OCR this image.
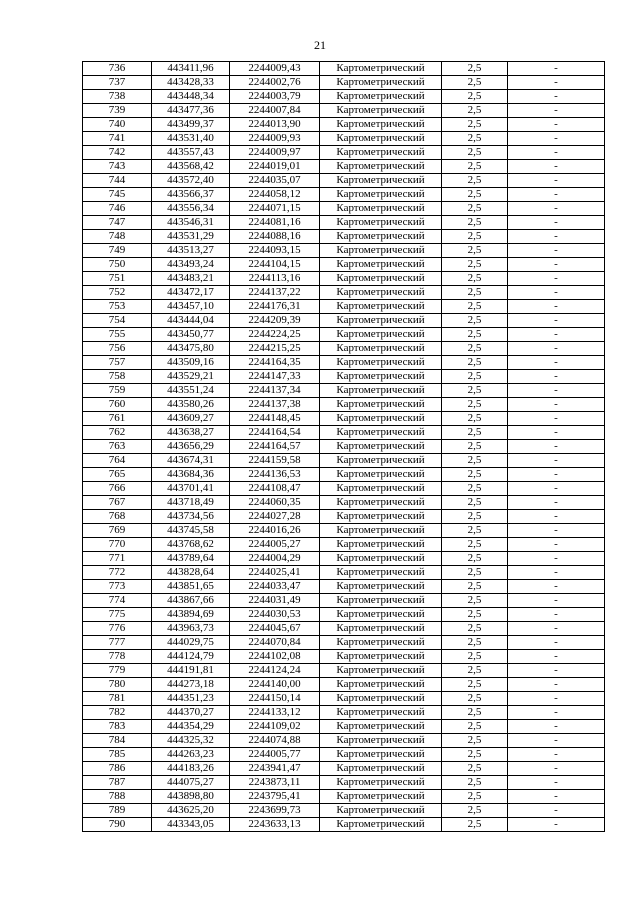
21
736	443411,96	2244009,43	Картометрический	2,5	-
737	443428,33	2244002,76	Картометрический	2,5	-
738	443448,34	2244003,79	Картометрический	2,5	-
739	443477,36	2244007,84	Картометрический	2,5	-
740	443499,37	2244013,90	Картометрический	2,5	-
741	443531,40	2244009,93	Картометрический	2,5	-
742	443557,43	2244009,97	Картометрический	2,5	-
743	443568,42	2244019,01	Картометрический	2,5	-
744	443572,40	2244035,07	Картометрический	2,5	-
745	443566,37	2244058,12	Картометрический	2,5	-
746	443556,34	2244071,15	Картометрический	2,5	-
747	443546,31	2244081,16	Картометрический	2,5	-
748	443531,29	2244088,16	Картометрический	2,5	-
749	443513,27	2244093,15	Картометрический	2,5	-
750	443493,24	2244104,15	Картометрический	2,5	-
751	443483,21	2244113,16	Картометрический	2,5	-
752	443472,17	2244137,22	Картометрический	2,5	-
753	443457,10	2244176,31	Картометрический	2,5	-
754	443444,04	2244209,39	Картометрический	2,5	-
755	443450,77	2244224,25	Картометрический	2,5	-
756	443475,80	2244215,25	Картометрический	2,5	-
757	443509,16	2244164,35	Картометрический	2,5	-
758	443529,21	2244147,33	Картометрический	2,5	-
759	443551,24	2244137,34	Картометрический	2,5	-
760	443580,26	2244137,38	Картометрический	2,5	-
761	443609,27	2244148,45	Картометрический	2,5	-
762	443638,27	2244164,54	Картометрический	2,5	-
763	443656,29	2244164,57	Картометрический	2,5	-
764	443674,31	2244159,58	Картометрический	2,5	-
765	443684,36	2244136,53	Картометрический	2,5	-
766	443701,41	2244108,47	Картометрический	2,5	-
767	443718,49	2244060,35	Картометрический	2,5	-
768	443734,56	2244027,28	Картометрический	2,5	-
769	443745,58	2244016,26	Картометрический	2,5	-
770	443768,62	2244005,27	Картометрический	2,5	-
771	443789,64	2244004,29	Картометрический	2,5	-
772	443828,64	2244025,41	Картометрический	2,5	-
773	443851,65	2244033,47	Картометрический	2,5	-
774	443867,66	2244031,49	Картометрический	2,5	-
775	443894,69	2244030,53	Картометрический	2,5	-
776	443963,73	2244045,67	Картометрический	2,5	-
777	444029,75	2244070,84	Картометрический	2,5	-
778	444124,79	2244102,08	Картометрический	2,5	-
779	444191,81	2244124,24	Картометрический	2,5	-
780	444273,18	2244140,00	Картометрический	2,5	-
781	444351,23	2244150,14	Картометрический	2,5	-
782	444370,27	2244133,12	Картометрический	2,5	-
783	444354,29	2244109,02	Картометрический	2,5	-
784	444325,32	2244074,88	Картометрический	2,5	-
785	444263,23	2244005,77	Картометрический	2,5	-
786	444183,26	2243941,47	Картометрический	2,5	-
787	444075,27	2243873,11	Картометрический	2,5	-
788	443898,80	2243795,41	Картометрический	2,5	-
789	443625,20	2243699,73	Картометрический	2,5	-
790	443343,05	2243633,13	Картометрический	2,5	-
